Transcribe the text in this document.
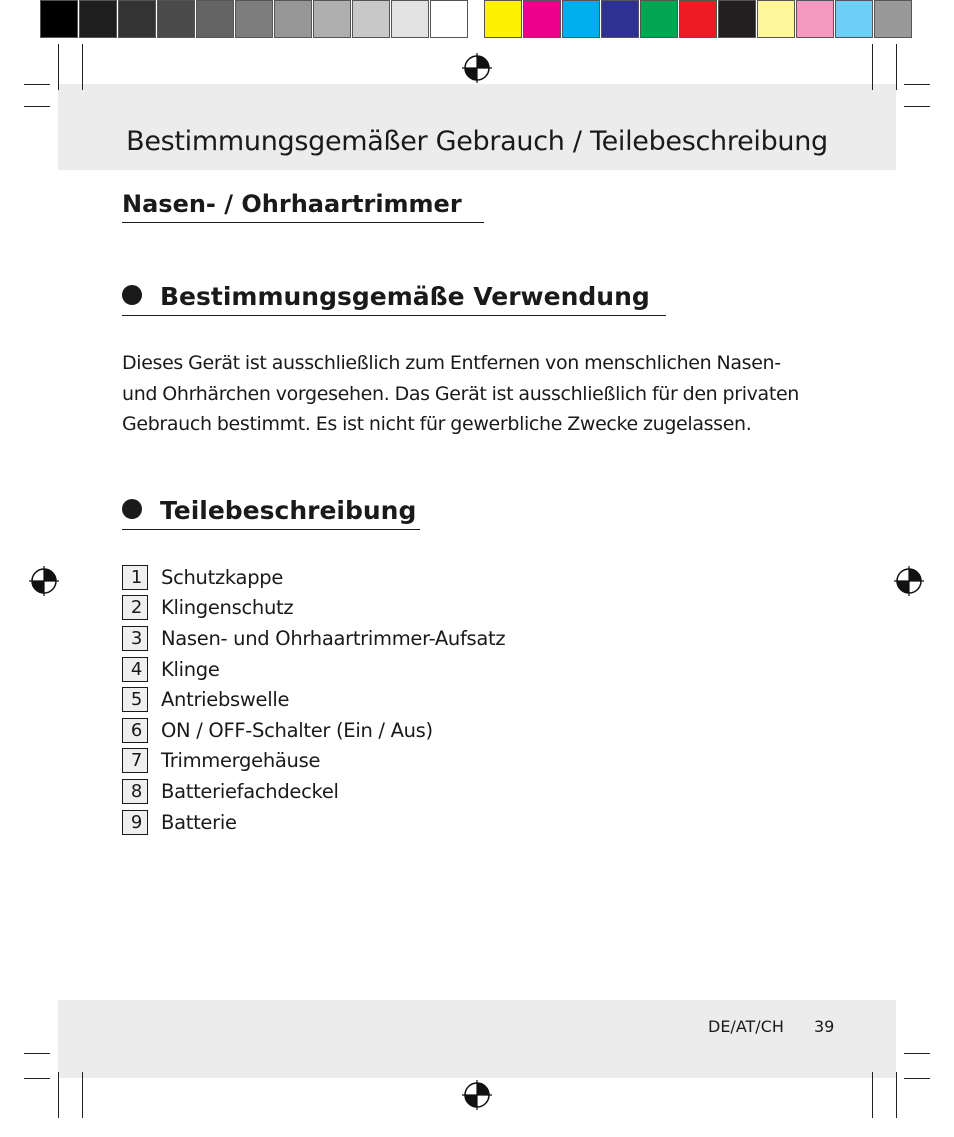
Bestimmungsgemäßer Gebrauch / Teilebeschreibung
Nasen- / Ohrhaartrimmer
Bestimmungsgemäße Verwendung
Dieses Gerät ist ausschließlich zum Entfernen von menschlichen Nasen-
und Ohrhärchen vorgesehen. Das Gerät ist ausschließlich für den privaten
Gebrauch bestimmt. Es ist nicht für gewerbliche Zwecke zugelassen.
Teilebeschreibung
1 Schutzkappe
2 Klingenschutz
3 Nasen- und Ohrhaartrimmer-Aufsatz
4 Klinge
5 Antriebswelle
6 ON / OFF-Schalter (Ein / Aus)
7 Trimmergehäuse
8 Batteriefachdeckel
9 Batterie
DE/AT/CH 39
